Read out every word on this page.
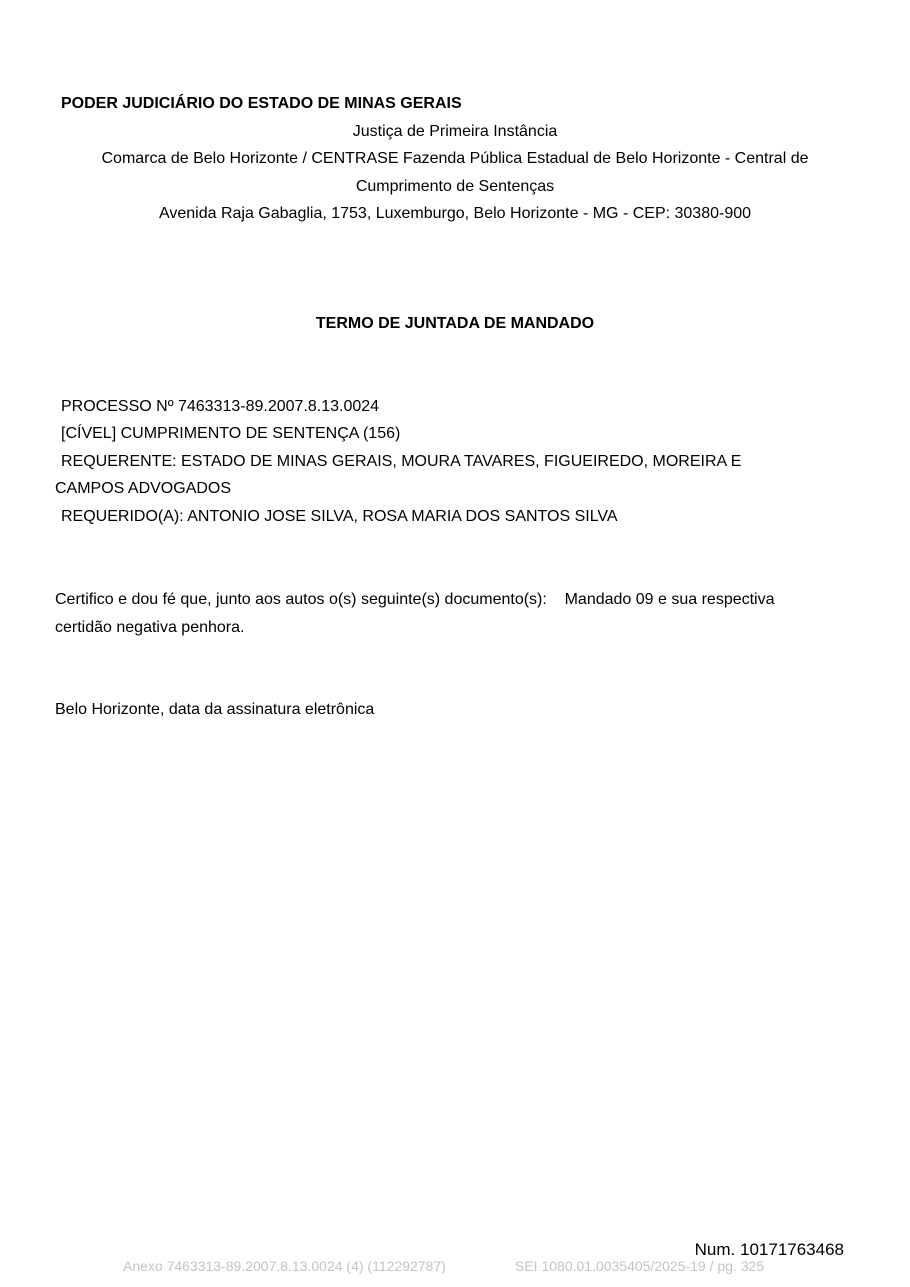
PODER JUDICIÁRIO DO ESTADO DE MINAS GERAIS
Justiça de Primeira Instância
Comarca de Belo Horizonte / CENTRASE Fazenda Pública Estadual de Belo Horizonte - Central de
Cumprimento de Sentenças
Avenida Raja Gabaglia, 1753, Luxemburgo, Belo Horizonte - MG - CEP: 30380-900
TERMO DE JUNTADA DE MANDADO
PROCESSO Nº 7463313-89.2007.8.13.0024
[CÍVEL] CUMPRIMENTO DE SENTENÇA (156)
REQUERENTE: ESTADO DE MINAS GERAIS, MOURA TAVARES, FIGUEIREDO, MOREIRA E
CAMPOS ADVOGADOS
REQUERIDO(A): ANTONIO JOSE SILVA, ROSA MARIA DOS SANTOS SILVA
Certifico e dou fé que, junto aos autos o(s) seguinte(s) documento(s):    Mandado 09 e sua respectiva
certidão negativa penhora.
Belo Horizonte, data da assinatura eletrônica
Num. 10171763468
Anexo 7463313-89.2007.8.13.0024 (4) (112292787)	SEI 1080.01.0035405/2025-19 / pg. 325
